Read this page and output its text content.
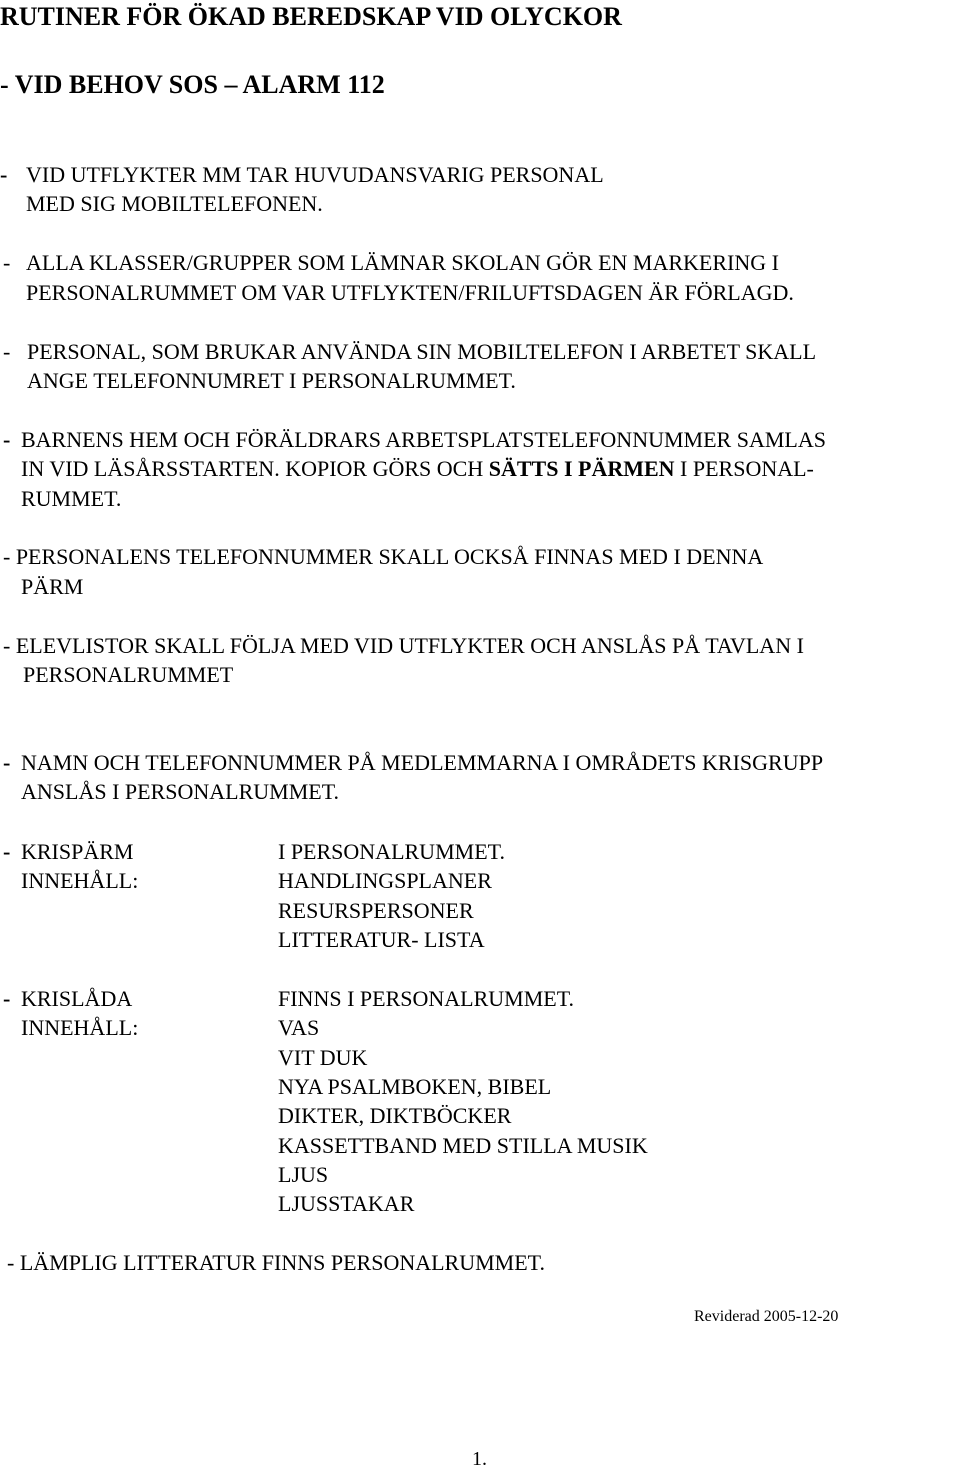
RUTINER FÖR ÖKAD BEREDSKAP VID OLYCKOR
- VID BEHOV SOS – ALARM 112
- VID UTFLYKTER MM TAR HUVUDANSVARIG PERSONAL
MED SIG MOBILTELEFONEN.
- ALLA KLASSER/GRUPPER SOM LÄMNAR SKOLAN GÖR EN MARKERING I
PERSONALRUMMET OM VAR UTFLYKTEN/FRILUFTSDAGEN ÄR FÖRLAGD.
- PERSONAL, SOM BRUKAR ANVÄNDA SIN MOBILTELEFON I ARBETET SKALL
ANGE TELEFONNUMRET I PERSONALRUMMET.
- BARNENS HEM OCH FÖRÄLDRARS ARBETSPLATSTELEFONNUMMER SAMLAS
IN VID LÄSÅRSSTARTEN. KOPIOR GÖRS OCH SÄTTS I PÄRMEN I PERSONAL-
RUMMET.
- PERSONALENS TELEFONNUMMER SKALL OCKSÅ FINNAS MED I DENNA
PÄRM
- ELEVLISTOR SKALL FÖLJA MED VID UTFLYKTER OCH ANSLÅS PÅ TAVLAN I
PERSONALRUMMET
- NAMN OCH TELEFONNUMMER PÅ MEDLEMMARNA I OMRÅDETS KRISGRUPP
ANSLÅS I PERSONALRUMMET.
- KRISPÄRM
INNEHÅLL:
I PERSONALRUMMET.
HANDLINGSPLANER
RESURSPERSONER
LITTERATUR- LISTA
- KRISLÅDA
INNEHÅLL:
FINNS I PERSONALRUMMET.
VAS
VIT DUK
NYA PSALMBOKEN, BIBEL
DIKTER, DIKTBÖCKER
KASSETTBAND MED STILLA MUSIK
LJUS
LJUSSTAKAR
- LÄMPLIG LITTERATUR FINNS PERSONALRUMMET.
Reviderad 2005-12-20
1.
